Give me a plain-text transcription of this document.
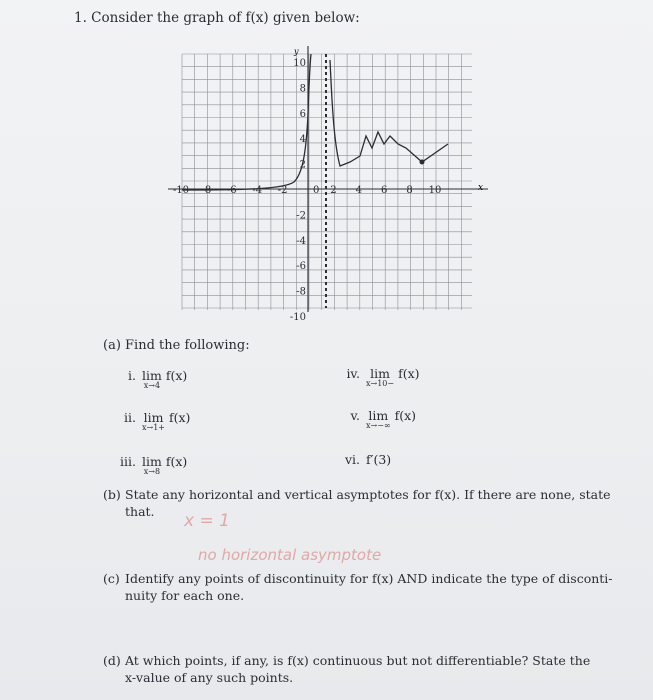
1. Consider the graph of f(x) given below:
10
8
6
4
2
-2
-4
-6
-8
-10
-10 -8 -6 -4 -2	2 4 6 8 10
0	x
y
(a) Find the following:
i. lim
x→4
f(x)
ii. lim
x→1+
f(x)
iii. lim
x→8
f(x)
iv. lim
x→10−
f(x)
v. lim
x→−∞
f(x)
vi. f′(3)
(b) State any horizontal and vertical asymptotes for f(x). If there are none, state
that.	x = 1
no horizontal asymptote
(c) Identify any points of discontinuity for f(x) AND indicate the type of disconti-
nuity for each one.
(d) At which points, if any, is f(x) continuous but not differentiable? State the
x-value of any such points.
